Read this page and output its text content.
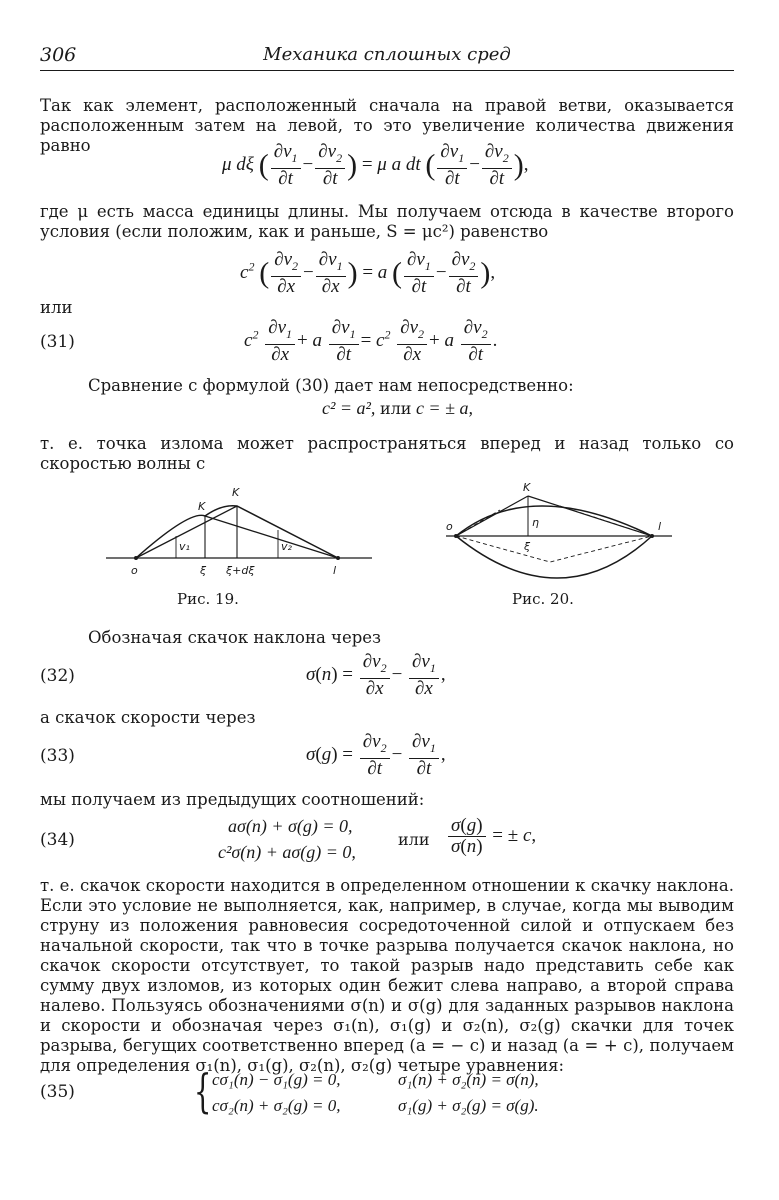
306	Механика сплошных сред
Так как элемент, расположенный сначала на правой ветви, оказывается расположенным затем на левой, то это увеличение количества движения равно
μ dξ ( $\frac{\partial v_1}{\partial t} - \frac{\partial v_2}{\partial t}$ ) = μ a dt ( $\frac{\partial v_1}{\partial t} - \frac{\partial v_2}{\partial t}$ ),
где μ есть масса единицы длины. Мы получаем отсюда в качестве второго условия (если положим, как и раньше, S = μc²) равенство
$c^2$ ( $\frac{\partial v_2}{\partial x} - \frac{\partial v_1}{\partial x}$ ) = a ( $\frac{\partial v_1}{\partial t} - \frac{\partial v_2}{\partial t}$ ),
или
(31)	$c^2 \frac{\partial v_1}{\partial x} + a \frac{\partial v_1}{\partial t} = c^2 \frac{\partial v_2}{\partial x} + a \frac{\partial v_2}{\partial t}$ .
Сравнение с формулой (30) дает нам непосредственно:
c² = a², или c = ± a,
т. е. точка излома может распространяться вперед и назад только со скоростью волны c
K
K
v₁	v₂
o	ξ ξ+dξ	l
Рис. 19.
K
o	l
η
ξ
Рис. 20.
Обозначая скачок наклона через
(32)	$\sigma(n) = \frac{\partial v_2}{\partial x} - \frac{\partial v_1}{\partial x}$ ,
а скачок скорости через
(33)	$\sigma(g) = \frac{\partial v_2}{\partial t} - \frac{\partial v_1}{\partial t}$ ,
мы получаем из предыдущих соотношений:
(34)
aσ(n) + σ(g) = 0,
c²σ(n) + aσ(g) = 0,
или $\frac{\sigma(g)}{\sigma(n)}$ = ± c,
т. е. скачок скорости находится в определенном отношении к скачку наклона. Если это условие не выполняется, как, например, в случае, когда мы выводим струну из положения равновесия сосредоточенной силой и отпускаем без начальной скорости, так что в точке разрыва получается скачок наклона, но скачок скорости отсутствует, то такой разрыв надо представить себе как сумму двух изломов, из которых один бежит слева направо, а второй справа налево. Пользуясь обозначениями σ(n) и σ(g) для заданных разрывов наклона и скорости и обозначая через σ₁(n), σ₁(g) и σ₂(n), σ₂(g) скачки для точек разрыва, бегущих соответственно вперед (a = − c) и назад (a = + c), получаем для определения σ₁(n), σ₁(g), σ₂(n), σ₂(g) четыре уравнения:
(35)	{ cσ₁(n) − σ₁(g) = 0,	σ₁(n) + σ₂(n) = σ(n),
cσ₂(n) + σ₂(g) = 0,	σ₁(g) + σ₂(g) = σ(g).
